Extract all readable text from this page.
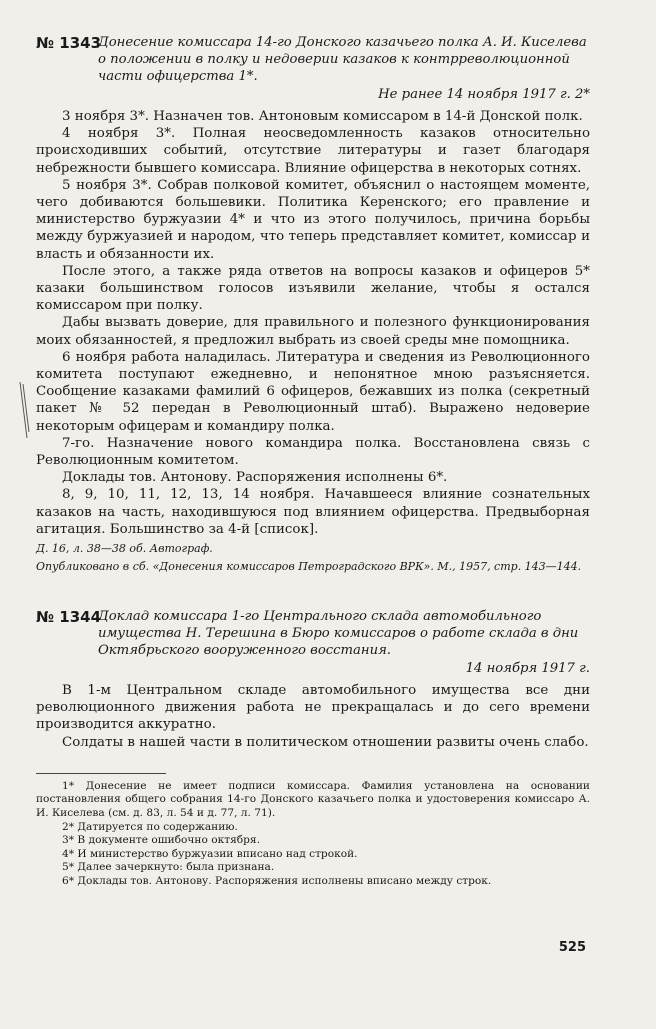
№ 1343
Донесение комиссара 14-го Донского казачьего полка А. И. Киселева о положении в полку и недоверии казаков к контрреволюционной части офицерства 1*.
Не ранее 14 ноября 1917 г. 2*

3 ноября 3*. Назначен тов. Антоновым комиссаром в 14-й Донской полк.

4 ноября 3*. Полная неосведомленность казаков относительно происходивших событий, отсутствие литературы и газет благодаря небрежности бывшего комиссара. Влияние офицерства в некоторых сотнях.

5 ноября 3*. Собрав полковой комитет, объяснил о настоящем моменте, чего добиваются большевики. Политика Керенского; его правление и министерство буржуазии 4* и что из этого получилось, причина борьбы между буржуазией и народом, что теперь представляет комитет, комиссар и власть и обязанности их.

После этого, а также ряда ответов на вопросы казаков и офицеров 5* казаки большинством голосов изъявили желание, чтобы я остался комиссаром при полку.

Дабы вызвать доверие, для правильного и полезного функционирования моих обязанностей, я предложил выбрать из своей среды мне помощника.

6 ноября работа наладилась. Литература и сведения из Революционного комитета поступают ежедневно, и непонятное мною разъясняется. Сообщение казаками фамилий 6 офицеров, бежавших из полка (секретный пакет № 52 передан в Революционный штаб). Выражено недоверие некоторым офицерам и командиру полка.

7-го. Назначение нового командира полка. Восстановлена связь с Революционным комитетом.

Доклады тов. Антонову. Распоряжения исполнены 6*.

8, 9, 10, 11, 12, 13, 14 ноября. Начавшееся влияние сознательных казаков на часть, находившуюся под влиянием офицерства. Предвыборная агитация. Большинство за 4-й [список].

Д. 16, л. 38—38 об. Автограф.
Опубликовано в сб. «Донесения комиссаров Петроградского ВРК». М., 1957, стр. 143—144.
№ 1344
Доклад комиссара 1-го Центрального склада автомобильного имущества Н. Терешина в Бюро комиссаров о работе склада в дни Октябрьского вооруженного восстания.
14 ноября 1917 г.

В 1-м Центральном складе автомобильного имущества все дни революционного движения работа не прекращалась и до сего времени производится аккуратно.

Солдаты в нашей части в политическом отношении развиты очень слабо.

1* Донесение не имеет подписи комиссара. Фамилия установлена на основании постановления общего собрания 14-го Донского казачьего полка и удостоверения комиссаро А. И. Киселева (см. д. 83, л. 54 и д. 77, л. 71).
2* Датируется по содержанию.
3* В документе ошибочно октября.
4* И министерство буржуазии вписано над строкой.
5* Далее зачеркнуто: была признана.
6* Доклады тов. Антонову. Распоряжения исполнены вписано между строк.
525
